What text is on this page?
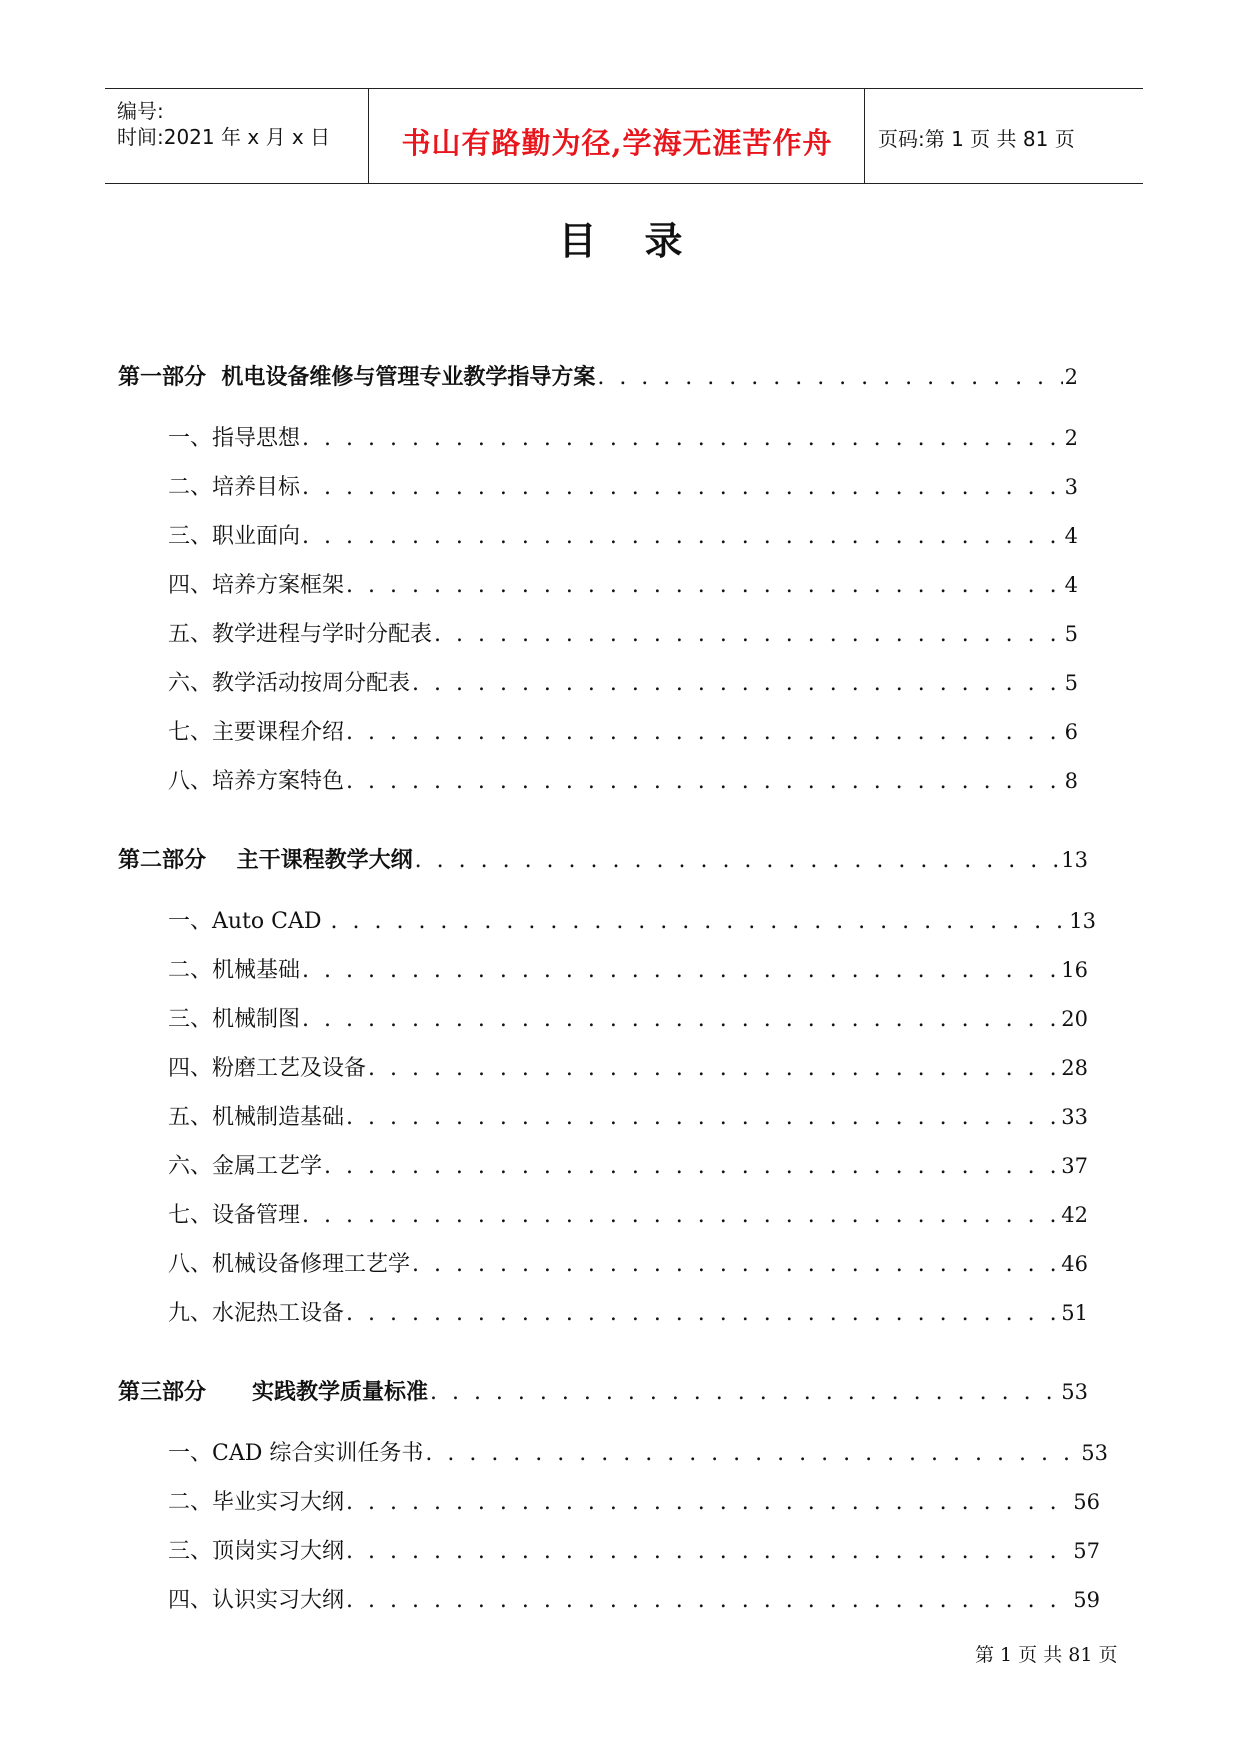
编号:
时间:2021 年 x 月 x 日	书山有路勤为径,学海无涯苦作舟	页码:第 1 页 共 81 页
目录
第一部分  机电设备维修与管理专业教学指导方案 . . .	2
一、指导思想 . . .	2
二、培养目标 . . .	3
三、职业面向 . . .	4
四、培养方案框架 . . .	4
五、教学进程与学时分配表 . . .	5
六、教学活动按周分配表 . . .	5
七、主要课程介绍 . . .	6
八、培养方案特色 . . .	8
第二部分    主干课程教学大纲 . . .	13
一、Auto CAD . . .	13
二、机械基础 . . .	16
三、机械制图 . . .	20
四、粉磨工艺及设备 . . .	28
五、机械制造基础 . . .	33
六、金属工艺学 . . .	37
七、设备管理 . . .	42
八、机械设备修理工艺学 . . .	46
九、水泥热工设备 . . .	51
第三部分      实践教学质量标准 . . .	53
一、CAD 综合实训任务书 . . .	53
二、毕业实习大纲 . . .	56
三、顶岗实习大纲 . . .	57
四、认识实习大纲 . . .	59
第 1 页 共 81 页
